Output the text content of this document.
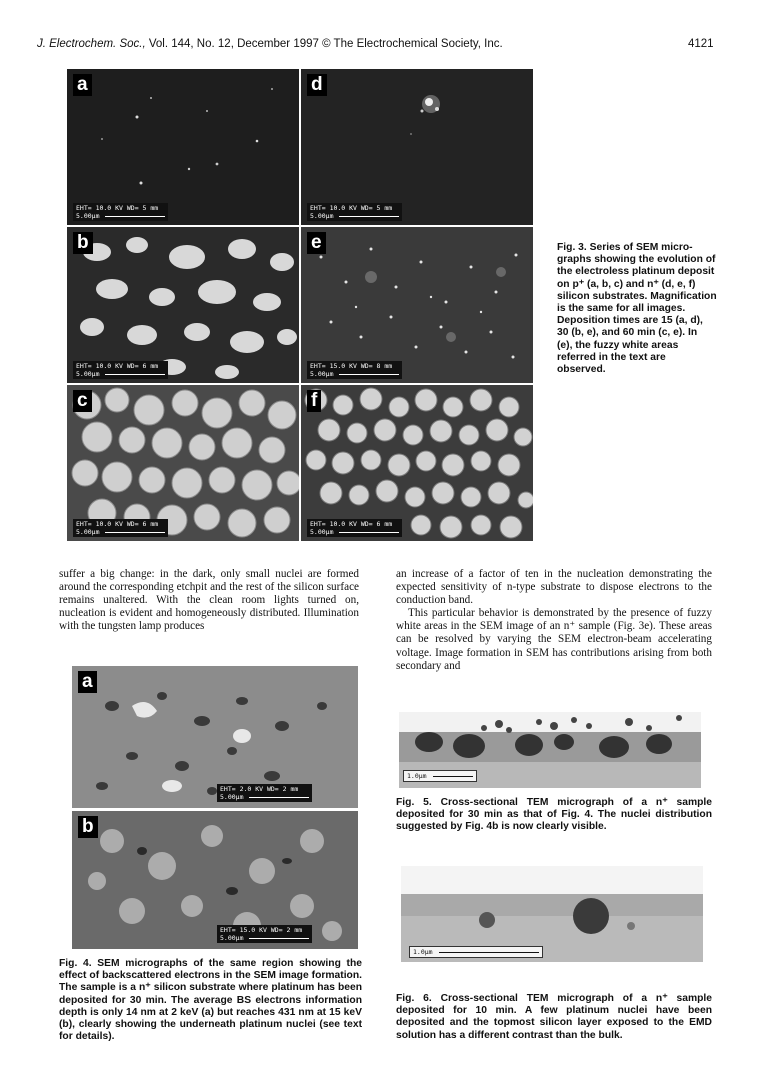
J. Electrochem. Soc., Vol. 144, No. 12, December 1997 © The Electrochemical Society, Inc.	4121
a
EHT= 10.0 KV WD= 5 mm
5.00μm
d
EHT= 10.0 KV WD= 5 mm
5.00μm
b
EHT= 10.0 KV WD= 6 mm
5.00μm
e
EHT= 15.0 KV WD= 8 mm
5.00μm
c
EHT= 10.0 KV WD= 6 mm
5.00μm
f
EHT= 10.0 KV WD= 6 mm
5.00μm
Fig. 3. Series of SEM micro-
graphs showing the evolution of
the electroless platinum deposit
on p⁺ (a, b, c) and n⁺ (d, e, f)
silicon substrates. Magnification
is the same for all images.
Deposition times are 15 (a, d),
30 (b, e), and 60 min (c, e). In
(e), the fuzzy white areas
referred in the text are
observed.

suffer a big change: in the dark, only small nuclei are formed around the corresponding etchpit and the rest of the silicon surface remains unaltered. With the clean room lights turned on, nucleation is evident and homogeneously distributed. Illumination with the tungsten lamp produces

an increase of a factor of ten in the nucleation demonstrating the expected sensitivity of n-type substrate to dispose electrons to the conduction band.

This particular behavior is demonstrated by the presence of fuzzy white areas in the SEM image of an n⁺ sample (Fig. 3e). These areas can be resolved by varying the SEM electron-beam accelerating voltage. Image formation in SEM has contributions arising from both secondary and

a
EHT= 2.0 KV WD= 2 mm
5.00μm
b
EHT= 15.0 KV WD= 2 mm
5.00μm
Fig. 4. SEM micrographs of the same region showing the effect of backscattered electrons in the SEM image formation. The sample is a n⁺ silicon substrate where platinum has been deposited for 30 min. The average BS electrons information depth is only 14 nm at 2 keV (a) but reaches 431 nm at 15 keV (b), clearly showing the underneath platinum nuclei (see text for details).
1.0μm
Fig. 5. Cross-sectional TEM micrograph of a n⁺ sample deposited for 30 min as that of Fig. 4. The nuclei distribution suggested by Fig. 4b is now clearly visible.
1.0μm
Fig. 6. Cross-sectional TEM micrograph of a n⁺ sample deposited for 10 min. A few platinum nuclei have been deposited and the topmost silicon layer exposed to the EMD solution has a different contrast than the bulk.
